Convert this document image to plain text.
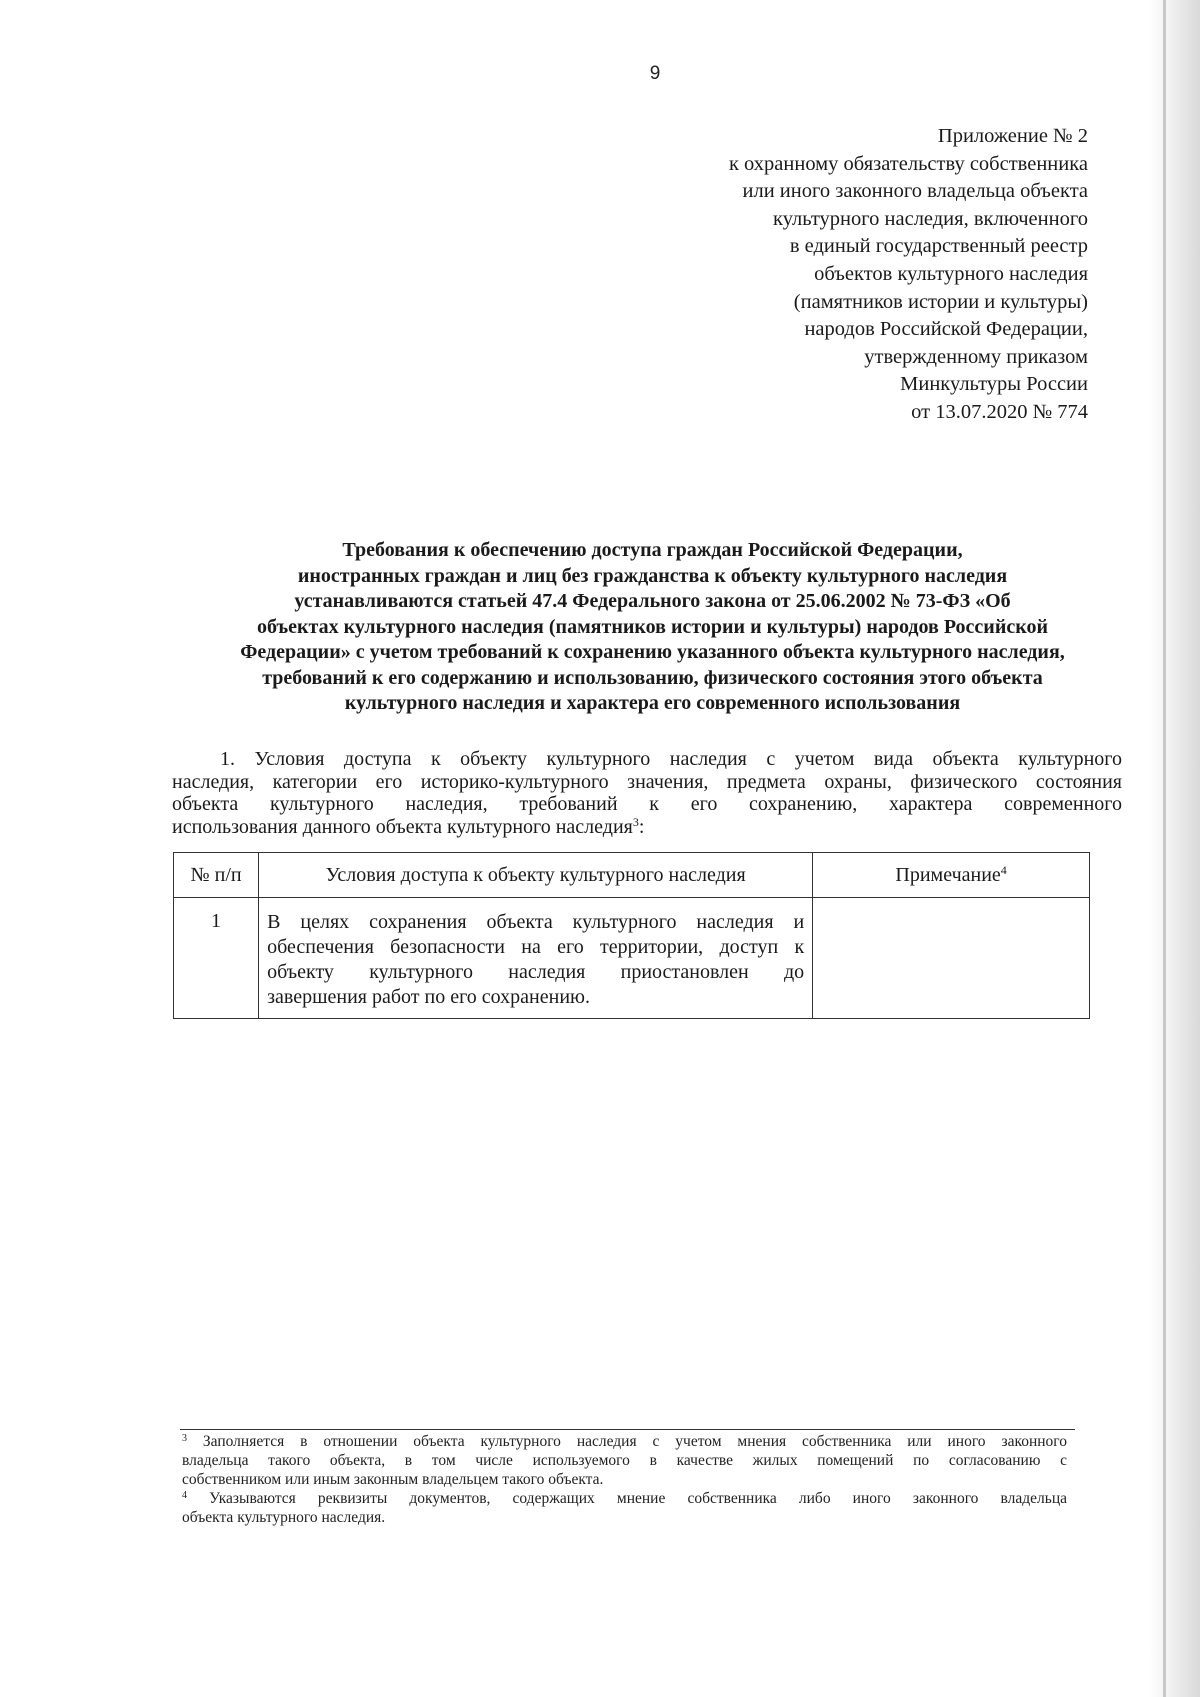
9
Приложение № 2
к охранному обязательству собственника
или иного законного владельца объекта
культурного наследия, включенного
в единый государственный реестр
объектов культурного наследия
(памятников истории и культуры)
народов Российской Федерации,
утвержденному приказом
Минкультуры России
от 13.07.2020 № 774
Требования к обеспечению доступа граждан Российской Федерации,
иностранных граждан и лиц без гражданства к объекту культурного наследия
устанавливаются статьей 47.4 Федерального закона от 25.06.2002 № 73-ФЗ «Об
объектах культурного наследия (памятников истории и культуры) народов Российской
Федерации» с учетом требований к сохранению указанного объекта культурного наследия,
требований к его содержанию и использованию, физического состояния этого объекта
культурного наследия и характера его современного использования
1. Условия доступа к объекту культурного наследия с учетом вида объекта культурного
наследия, категории его историко-культурного значения, предмета охраны, физического состояния
объекта культурного наследия, требований к его сохранению, характера современного
использования данного объекта культурного наследия$^3$:
№ п/п	Условия доступа к объекту культурного наследия	Примечание$^4$
1	В целях сохранения объекта культурного наследия и
обеспечения безопасности на его территории, доступ к
объекту культурного наследия приостановлен до
завершения работ по его сохранению.	

$^3$ Заполняется в отношении объекта культурного наследия с учетом мнения собственника или иного законного
владельца такого объекта, в том числе используемого в качестве жилых помещений по согласованию с
собственником или иным законным владельцем такого объекта.
$^4$ Указываются реквизиты документов, содержащих мнение собственника либо иного законного владельца
объекта культурного наследия.
